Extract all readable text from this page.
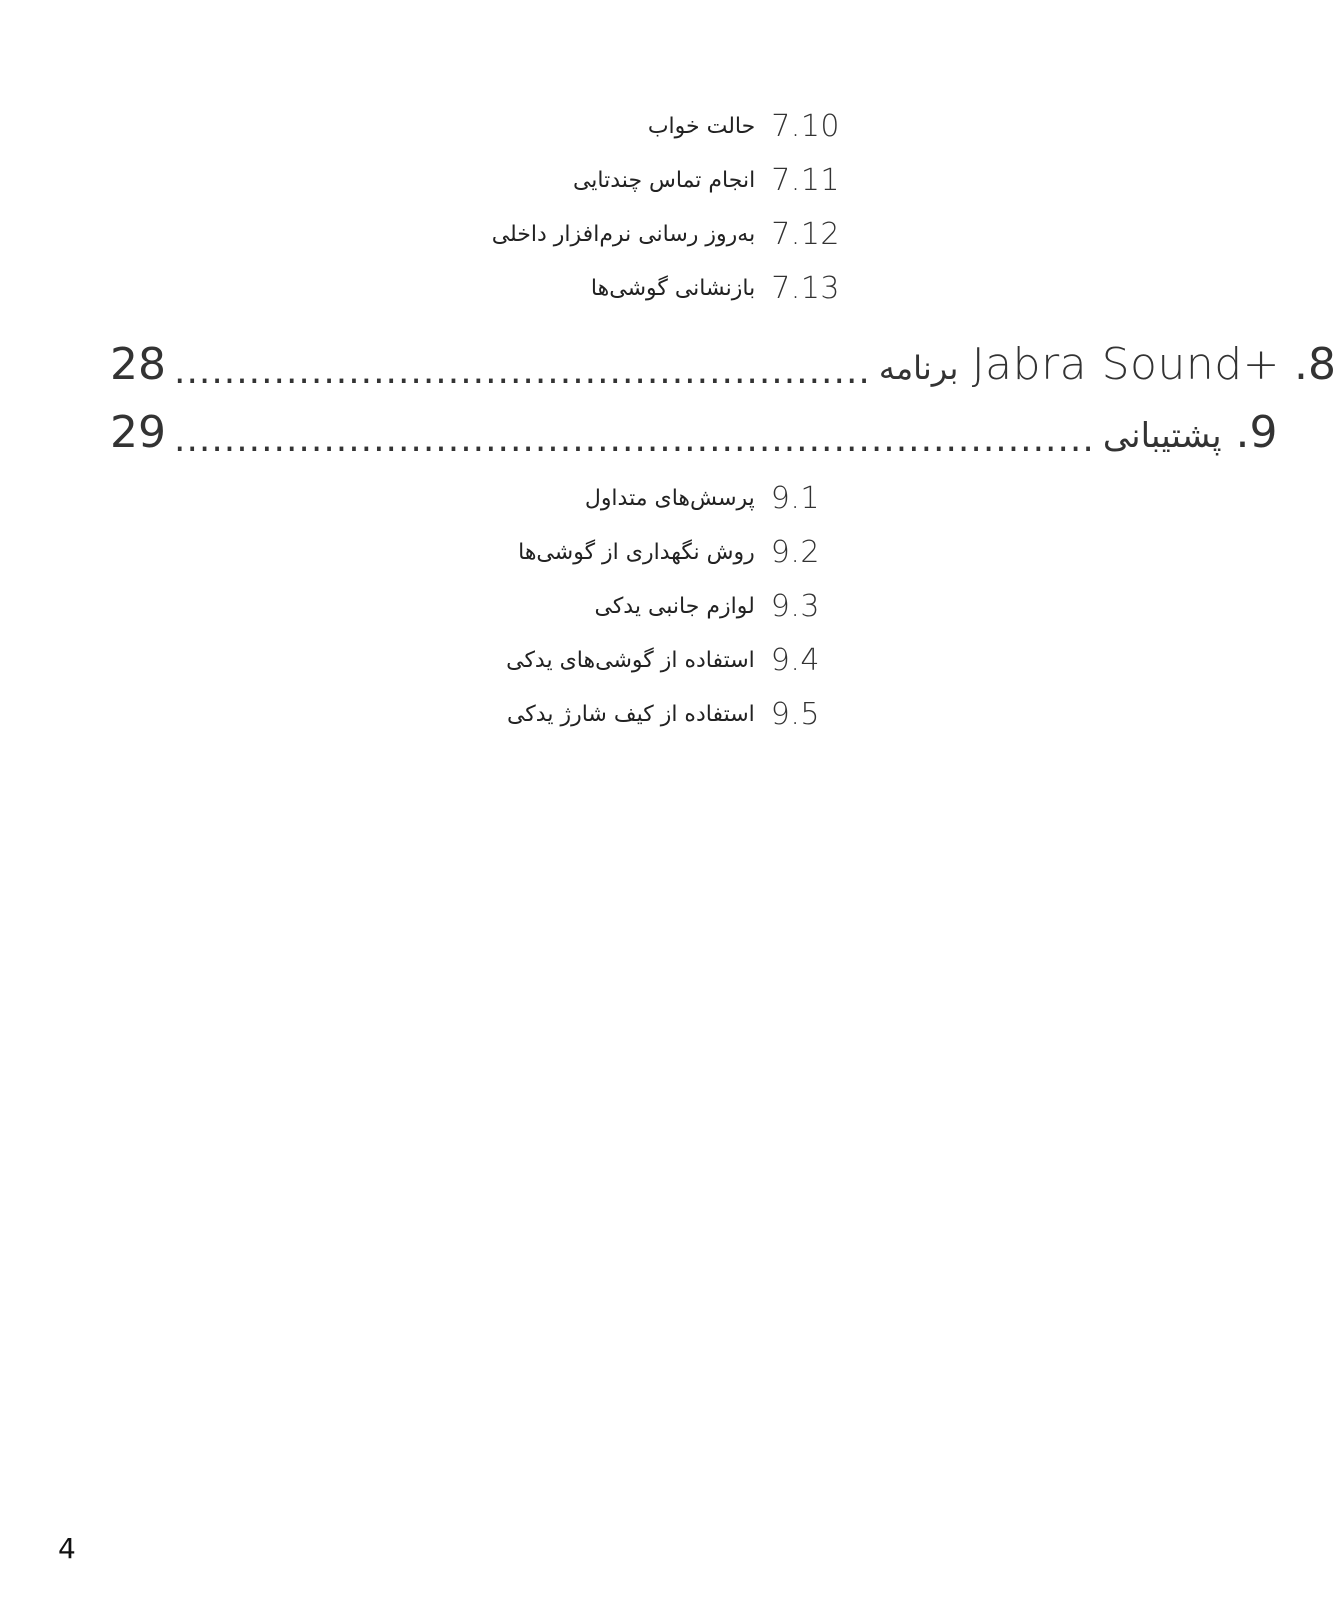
7.10
حالت خواب
7.11
انجام تماس چندتایی
7.12
به‌روز رسانی نرم‌افزار داخلی
7.13
بازنشانی گوشی‌ها
28 ........................................................	Jabra Sound+ برنامه	.8
29 .......................................................................... پشتیبانی .9
9.1
پرسش‌های متداول
9.2
روش نگهداری از گوشی‌ها
9.3
لوازم جانبی یدکی
9.4
استفاده از گوشی‌های یدکی
9.5
استفاده از کیف شارژ یدکی
4
